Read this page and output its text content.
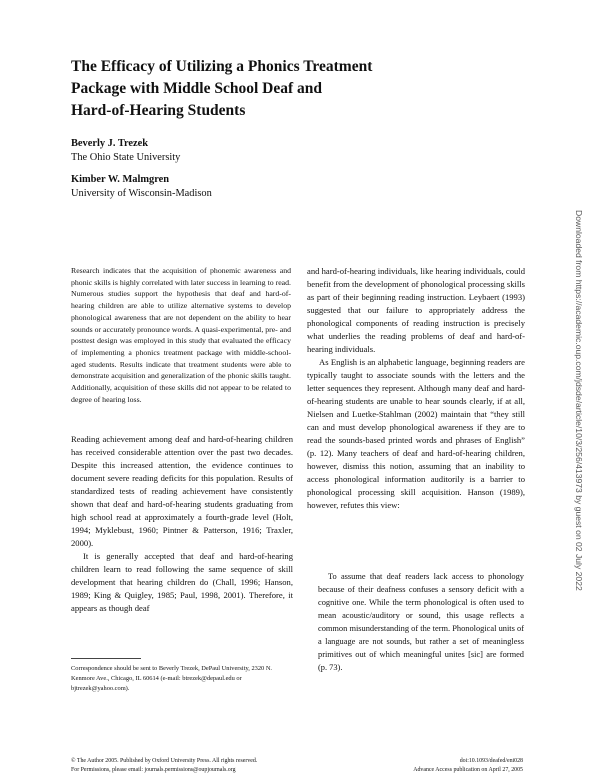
The Efficacy of Utilizing a Phonics Treatment
Package with Middle School Deaf and
Hard-of-Hearing Students
Beverly J. Trezek
The Ohio State University
Kimber W. Malmgren
University of Wisconsin-Madison
Research indicates that the acquisition of phonemic awareness and phonic skills is highly correlated with later success in learning to read. Numerous studies support the hypothesis that deaf and hard-of-hearing children are able to utilize alternative systems to develop phonological awareness that are not dependent on the ability to hear sounds or accurately pronounce words. A quasi-experimental, pre- and posttest design was employed in this study that evaluated the efficacy of implementing a phonics treatment package with middle-school-aged students. Results indicate that treatment students were able to demonstrate acquisition and generalization of the phonic skills taught. Additionally, acquisition of these skills did not appear to be related to degree of hearing loss.

Reading achievement among deaf and hard-of-hearing children has received considerable attention over the past two decades. Despite this increased attention, the evidence continues to document severe reading deficits for this population. Results of standardized tests of reading achievement have consistently shown that deaf and hard-of-hearing students graduating from high school read at approximately a fourth-grade level (Holt, 1994; Myklebust, 1960; Pintner & Patterson, 1916; Traxler, 2000).

It is generally accepted that deaf and hard-of-hearing children learn to read following the same sequence of skill development that hearing children do (Chall, 1996; Hanson, 1989; King & Quigley, 1985; Paul, 1998, 2001). Therefore, it appears as though deaf

and hard-of-hearing individuals, like hearing individuals, could benefit from the development of phonological processing skills as part of their beginning reading instruction. Leybaert (1993) suggested that our failure to appropriately address the phonological components of reading instruction is precisely what underlies the reading problems of deaf and hard-of-hearing individuals.

As English is an alphabetic language, beginning readers are typically taught to associate sounds with the letters and the letter sequences they represent. Although many deaf and hard-of-hearing students are unable to hear sounds clearly, if at all, Nielsen and Luetke-Stahlman (2002) maintain that “they still can and must develop phonological awareness if they are to read the sounds-based printed words and phrases of English” (p. 12). Many teachers of deaf and hard-of-hearing children, however, dismiss this notion, assuming that an inability to access phonological information auditorily is a barrier to phonological processing skill acquisition. Hanson (1989), however, refutes this view:

To assume that deaf readers lack access to phonology because of their deafness confuses a sensory deficit with a cognitive one. While the term phonological is often used to mean acoustic/auditory or sound, this usage reflects a common misunderstanding of the term. Phonological units of a language are not sounds, but rather a set of meaningless primitives out of which meaningful unites [sic] are formed (p. 73).
Correspondence should be sent to Beverly Trezek, DePaul University, 2320 N. Kenmore Ave., Chicago, IL 60614 (e-mail: btrezek@depaul.edu or bjtrezek@yahoo.com).
© The Author 2005. Published by Oxford University Press. All rights reserved.
For Permissions, please email: journals.permissions@oupjournals.org
doi:10.1093/deafed/eni028
Advance Access publication on April 27, 2005
Downloaded from https://academic.oup.com/jdsde/article/10/3/256/413973 by guest on 02 July 2022
